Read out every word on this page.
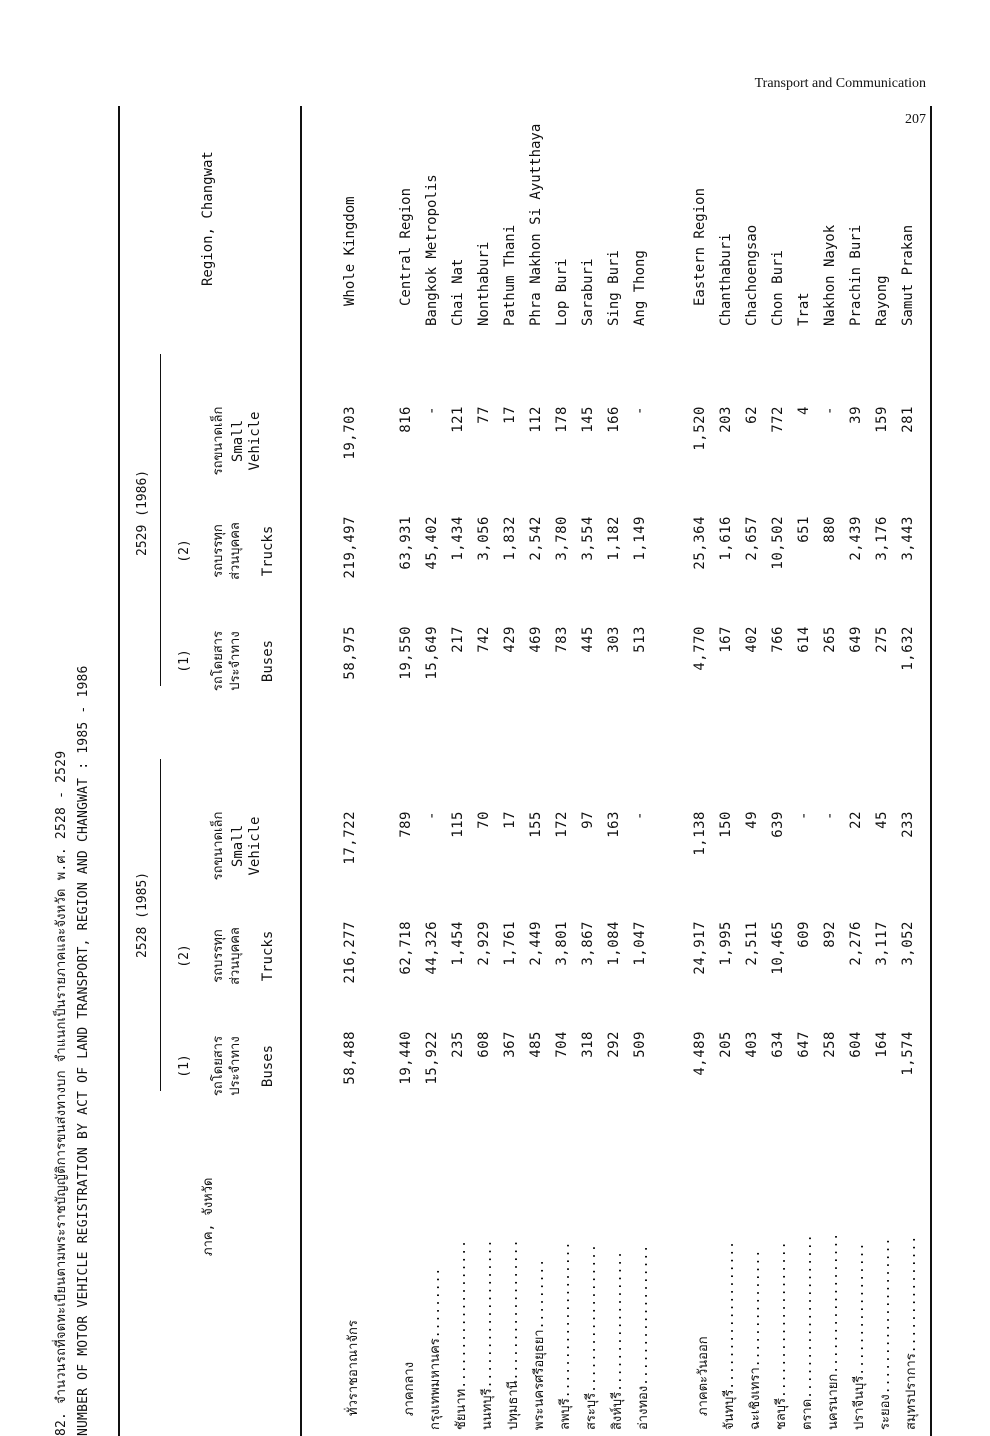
Transport and Communication
207
82. จำนวนรถที่จดทะเบียนตามพระราชบัญญัติการขนส่งทางบก จำแนกเป็นรายภาคและจังหวัด พ.ศ. 2528 - 2529 NUMBER OF MOTOR VEHICLE REGISTRATION BY ACT OF LAND TRANSPORT, REGION AND CHANGWAT : 1985 - 1986	ภาค, จังหวัด
Region, Changwat
2528 (1985)
2529 (1986)
(1) รถโดยสาร
ประจำทาง Buses
(2) รถบรรทุก
ส่วนบุคคล Trucks
รถขนาดเล็ก Small
Vehicle
(1) รถโดยสาร
ประจำทาง Buses
(2) รถบรรทุก
ส่วนบุคคล Trucks
รถขนาดเล็ก Small
Vehicle
ทั่วราชอาณาจักร
58,488
216,277
17,722
58,975
219,497
19,703
Whole Kingdom
ภาคกลาง
19,440
62,718
789
19,550
63,931
816
Central Region
กรุงเทพมหานคร.........
15,922
44,326
-
15,649
45,402
-
Bangkok Metropolis
ชัยนาท...................
235
1,454
115
217
1,434
121
Chai Nat
นนทบุรี...................
608
2,929
70
742
3,056
77
Nonthaburi
ปทุมธานี..................
367
1,761
17
429
1,832
17
Pathum Thani
พระนครศรีอยุธยา.........
485
2,449
155
469
2,542
112
Phra Nakhon Si Ayutthaya
ลพบุรี....................
704
3,801
172
783
3,780
178
Lop Buri
สระบุรี...................
318
3,867
97
445
3,554
145
Saraburi
สิงห์บุรี..................
292
1,084
163
303
1,182
166
Sing Buri
อ่างทอง..................
509
1,047
-
513
1,149
-
Ang Thong
ภาคตะวันออก
4,489
24,917
1,138
4,770
25,364
1,520
Eastern Region
จันทบุรี...................
205
1,995
150
167
1,616
203
Chanthaburi
ฉะเชิงเทรา...............
403
2,511
49
402
2,657
62
Chachoengsao
ชลบุรี....................
634
10,465
639
766
10,502
772
Chon Buri
ตราด.....................
647
609
-
614
651
4
Trat
นครนายก..................
258
892
-
265
880
-
Nakhon Nayok
ปราจีนบุรี.................
604
2,276
22
649
2,439
39
Prachin Buri
ระยอง....................
164
3,117
45
275
3,176
159
Rayong
สมุทรปราการ...............
1,574
3,052
233
1,632
3,443
281
Samut Prakan
